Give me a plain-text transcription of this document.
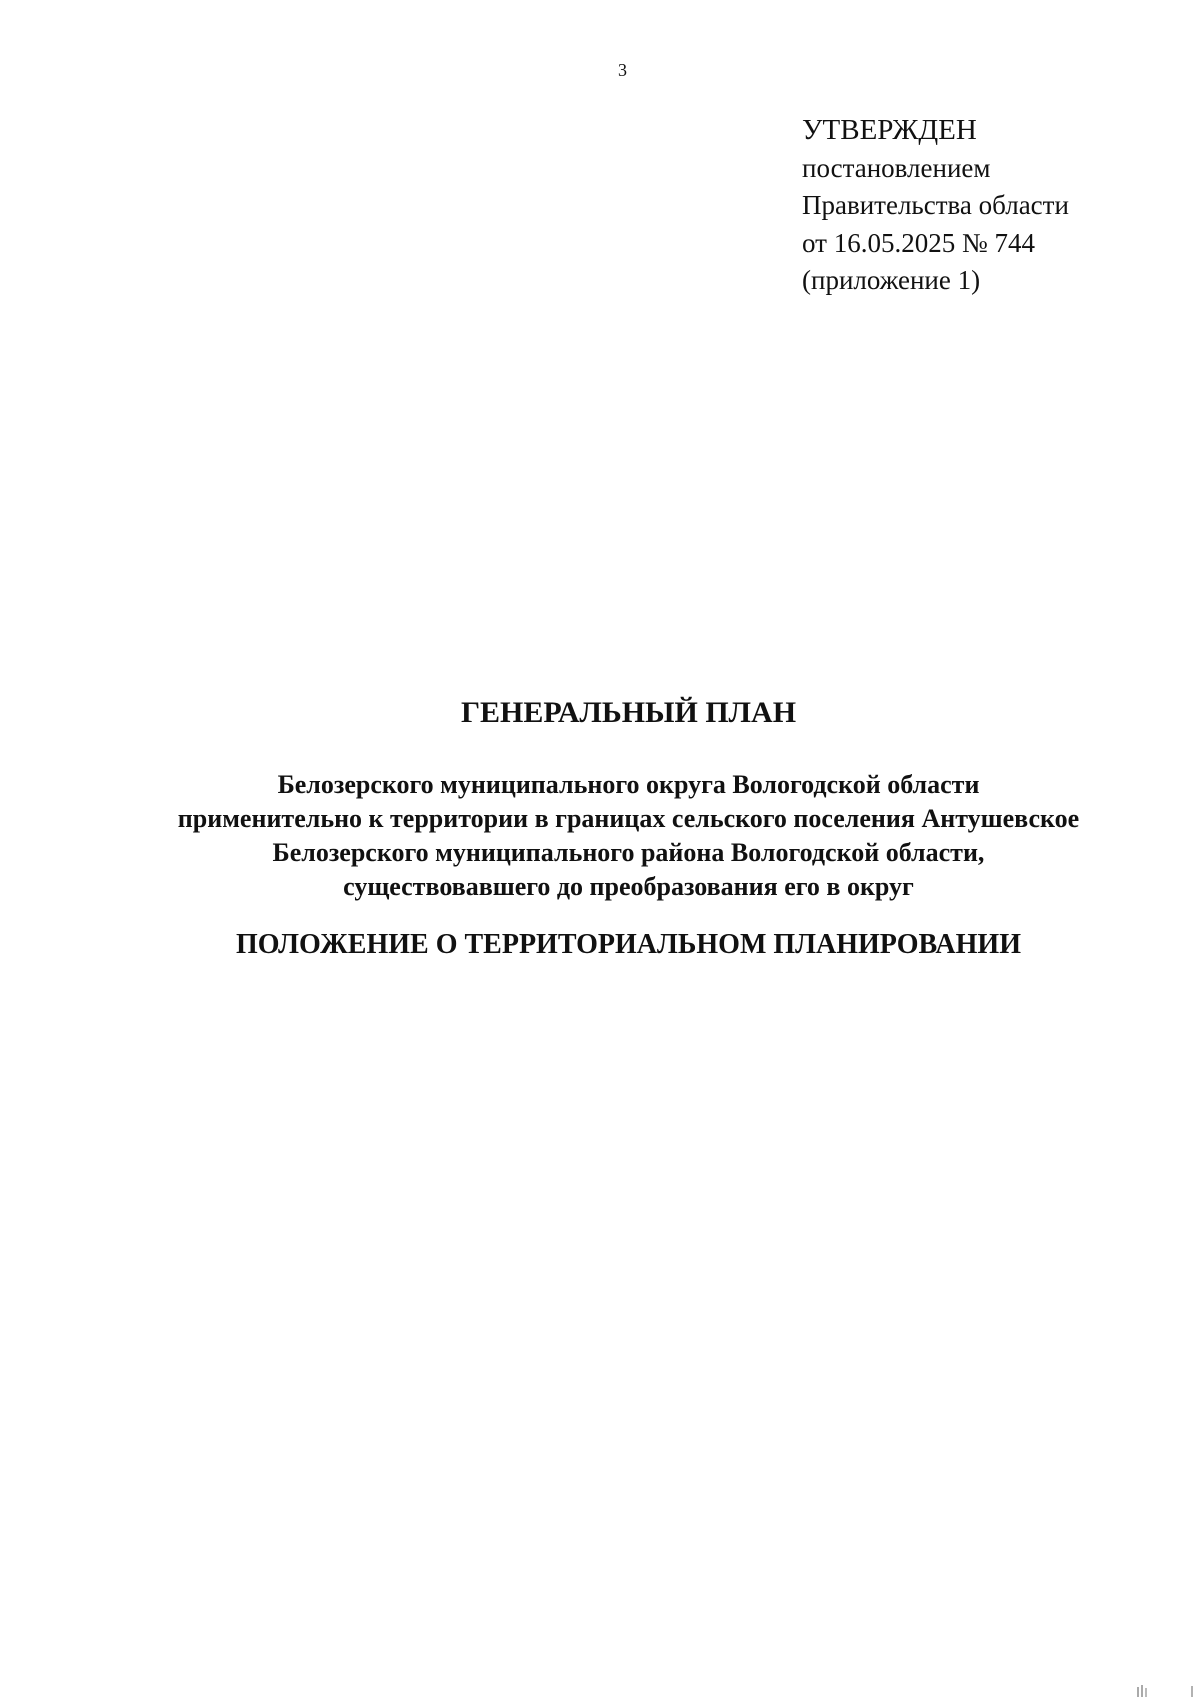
3
УТВЕРЖДЕН
постановлением
Правительства области
от 16.05.2025 № 744
(приложение 1)
ГЕНЕРАЛЬНЫЙ ПЛАН
Белозерского муниципального округа Вологодской области
применительно к территории в границах сельского поселения Антушевское
Белозерского муниципального района Вологодской области,
существовавшего до преобразования его в округ
ПОЛОЖЕНИЕ О ТЕРРИТОРИАЛЬНОМ ПЛАНИРОВАНИИ
